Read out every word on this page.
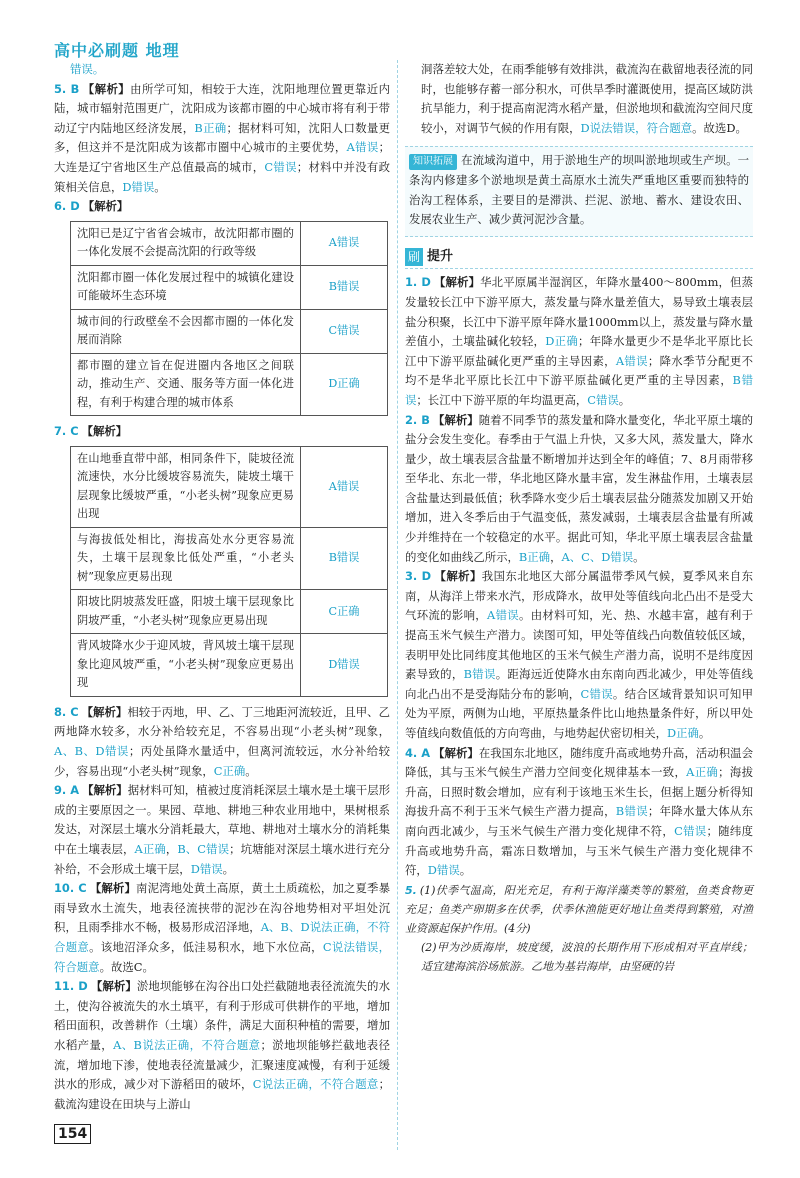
高中必刷题 地理

错误。

5. B 【解析】由所学可知，相较于大连，沈阳地理位置更靠近内陆，城市辐射范围更广，沈阳成为该都市圈的中心城市将有利于带动辽宁内陆地区经济发展，B正确；据材料可知，沈阳人口数量更多，但这并不是沈阳成为该都市圈中心城市的主要优势，A错误；大连是辽宁省地区生产总值最高的城市，C错误；材料中并没有政策相关信息，D错误。

6. D 【解析】

沈阳已是辽宁省省会城市，故沈阳都市圈的一体化发展不会提高沈阳的行政等级	A错误
沈阳都市圈一体化发展过程中的城镇化建设可能破坏生态环境	B错误
城市间的行政壁垒不会因都市圈的一体化发展而消除	C错误
都市圈的建立旨在促进圈内各地区之间联动，推动生产、交通、服务等方面一体化进程，有利于构建合理的城市体系	D正确

7. C 【解析】

在山地垂直带中部，相同条件下，陡坡径流流速快，水分比缓坡容易流失，陡坡土壤干层现象比缓坡严重，“小老头树”现象应更易出现	A错误
与海拔低处相比，海拔高处水分更容易流失，土壤干层现象比低处严重，“小老头树”现象应更易出现	B错误
阳坡比阴坡蒸发旺盛，阳坡土壤干层现象比阴坡严重，“小老头树”现象应更易出现	C正确
背风坡降水少于迎风坡，背风坡土壤干层现象比迎风坡严重，“小老头树”现象应更易出现	D错误

8. C 【解析】相较于丙地，甲、乙、丁三地距河流较近，且甲、乙两地降水较多，水分补给较充足，不容易出现“小老头树”现象，A、B、D错误；丙处虽降水量适中，但离河流较远，水分补给较少，容易出现“小老头树”现象，C正确。

9. A 【解析】据材料可知，植被过度消耗深层土壤水是土壤干层形成的主要原因之一。果园、草地、耕地三种农业用地中，果树根系发达，对深层土壤水分消耗最大，草地、耕地对土壤水分的消耗集中在土壤表层，A正确，B、C错误；坑塘能对深层土壤水进行充分补给，不会形成土壤干层，D错误。

10. C 【解析】南泥湾地处黄土高原，黄土土质疏松，加之夏季暴雨导致水土流失，地表径流挟带的泥沙在沟谷地势相对平坦处沉积，且雨季排水不畅，极易形成沼泽地，A、B、D说法正确，不符合题意。该地沼泽众多，低洼易积水，地下水位高，C说法错误，符合题意。故选C。

11. D 【解析】淤地坝能够在沟谷出口处拦截随地表径流流失的水土，使沟谷被流失的水土填平，有利于形成可供耕作的平地，增加稻田面积，改善耕作（土壤）条件，满足大面积种植的需要，增加水稻产量，A、B说法正确，不符合题意；淤地坝能够拦截地表径流，增加地下渗，使地表径流量减少，汇聚速度减慢，有利于延缓洪水的形成，减少对下游稻田的破坏，C说法正确，不符合题意；截流沟建设在田块与上游山

洞落差较大处，在雨季能够有效排洪，截流沟在截留地表径流的同时，也能够存蓄一部分积水，可供旱季时灌溉使用，提高区域防洪抗旱能力，利于提高南泥湾水稻产量，但淤地坝和截流沟空间尺度较小，对调节气候的作用有限，D说法错误，符合题意。故选D。

知识拓展 在流域沟道中，用于淤地生产的坝叫淤地坝或生产坝。一条沟内修建多个淤地坝是黄土高原水土流失严重地区重要而独特的治沟工程体系，主要目的是滞洪、拦泥、淤地、蓄水、建设农田、发展农业生产、减少黄河泥沙含量。
刷 提升

1. D 【解析】华北平原属半湿润区，年降水量400～800mm，但蒸发量较长江中下游平原大，蒸发量与降水量差值大，易导致土壤表层盐分积聚，长江中下游平原年降水量1000mm以上，蒸发量与降水量差值小，土壤盐碱化较轻，D正确；年降水量更少不是华北平原比长江中下游平原盐碱化更严重的主导因素，A错误；降水季节分配更不均不是华北平原比长江中下游平原盐碱化更严重的主导因素，B错误；长江中下游平原的年均温更高，C错误。

2. B 【解析】随着不同季节的蒸发量和降水量变化，华北平原土壤的盐分会发生变化。春季由于气温上升快，又多大风，蒸发量大，降水量少，故土壤表层含盐量不断增加并达到全年的峰值；7、8月雨带移至华北、东北一带，华北地区降水量丰富，发生淋盐作用，土壤表层含盐量达到最低值；秋季降水变少后土壤表层盐分随蒸发加剧又开始增加，进入冬季后由于气温变低，蒸发减弱，土壤表层含盐量有所减少并维持在一个较稳定的水平。据此可知，华北平原土壤表层含盐量的变化如曲线乙所示，B正确，A、C、D错误。

3. D 【解析】我国东北地区大部分属温带季风气候，夏季风来自东南，从海洋上带来水汽，形成降水，故甲处等值线向北凸出不是受大气环流的影响，A错误。由材料可知，光、热、水越丰富，越有利于提高玉米气候生产潜力。读图可知，甲处等值线凸向数值较低区域，表明甲处比同纬度其他地区的玉米气候生产潜力高，说明不是纬度因素导致的，B错误。距海远近使降水由东南向西北减少，甲处等值线向北凸出不是受海陆分布的影响，C错误。结合区域背景知识可知甲处为平原，两侧为山地，平原热量条件比山地热量条件好，所以甲处等值线向数值低的方向弯曲，与地势起伏密切相关，D正确。

4. A 【解析】在我国东北地区，随纬度升高或地势升高，活动积温会降低，其与玉米气候生产潜力空间变化规律基本一致，A正确；海拔升高，日照时数会增加，应有利于该地玉米生长，但据上题分析得知海拔升高不利于玉米气候生产潜力提高，B错误；年降水量大体从东南向西北减少，与玉米气候生产潜力变化规律不符，C错误；随纬度升高或地势升高，霜冻日数增加，与玉米气候生产潜力变化规律不符，D错误。

5. (1)伏季气温高，阳光充足，有利于海洋藻类等的繁殖，鱼类食物更充足；鱼类产卵期多在伏季，伏季休渔能更好地让鱼类得到繁殖，对渔业资源起保护作用。(4分)

(2)甲为沙质海岸，坡度缓，波浪的长期作用下形成相对平直岸线；适宜建海滨浴场旅游。乙地为基岩海岸，由坚硬的岩

154
